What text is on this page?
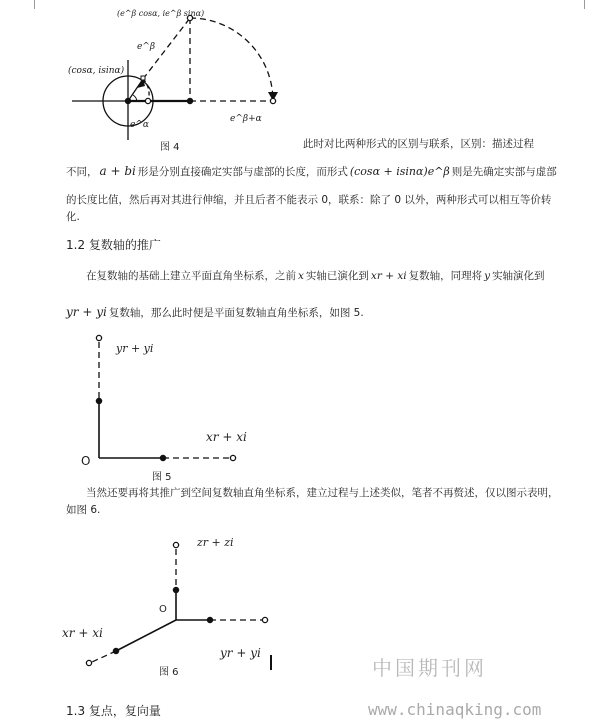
(e^β cosα, ie^β sinα)
(cosα, isinα)
e^β
e^α
e^β+α
图 4	此时对比两种形式的区别与联系，区别：描述过程
不同， a + bi 形是分别直接确定实部与虚部的长度，而形式 (cosα + isinα)e^β 则是先确定实部与虚部
的长度比值，然后再对其进行伸缩，并且后者不能表示 0，联系：除了 0 以外，两种形式可以相互等价转
化.
1.2 复数轴的推广
在复数轴的基础上建立平面直角坐标系，之前 x 实轴已演化到 xr + xi 复数轴，同理将 y 实轴演化到
yr + yi 复数轴，那么此时便是平面复数轴直角坐标系，如图 5.
yr + yi
xr + xi
O
图 5
当然还要再将其推广到空间复数轴直角坐标系，建立过程与上述类似，笔者不再赘述，仅以图示表明，
如图 6.
zr + zi
O
xr + xi
yr + yi
图 6	中国期刊网
www.chinaqking.com
1.3 复点，复向量
